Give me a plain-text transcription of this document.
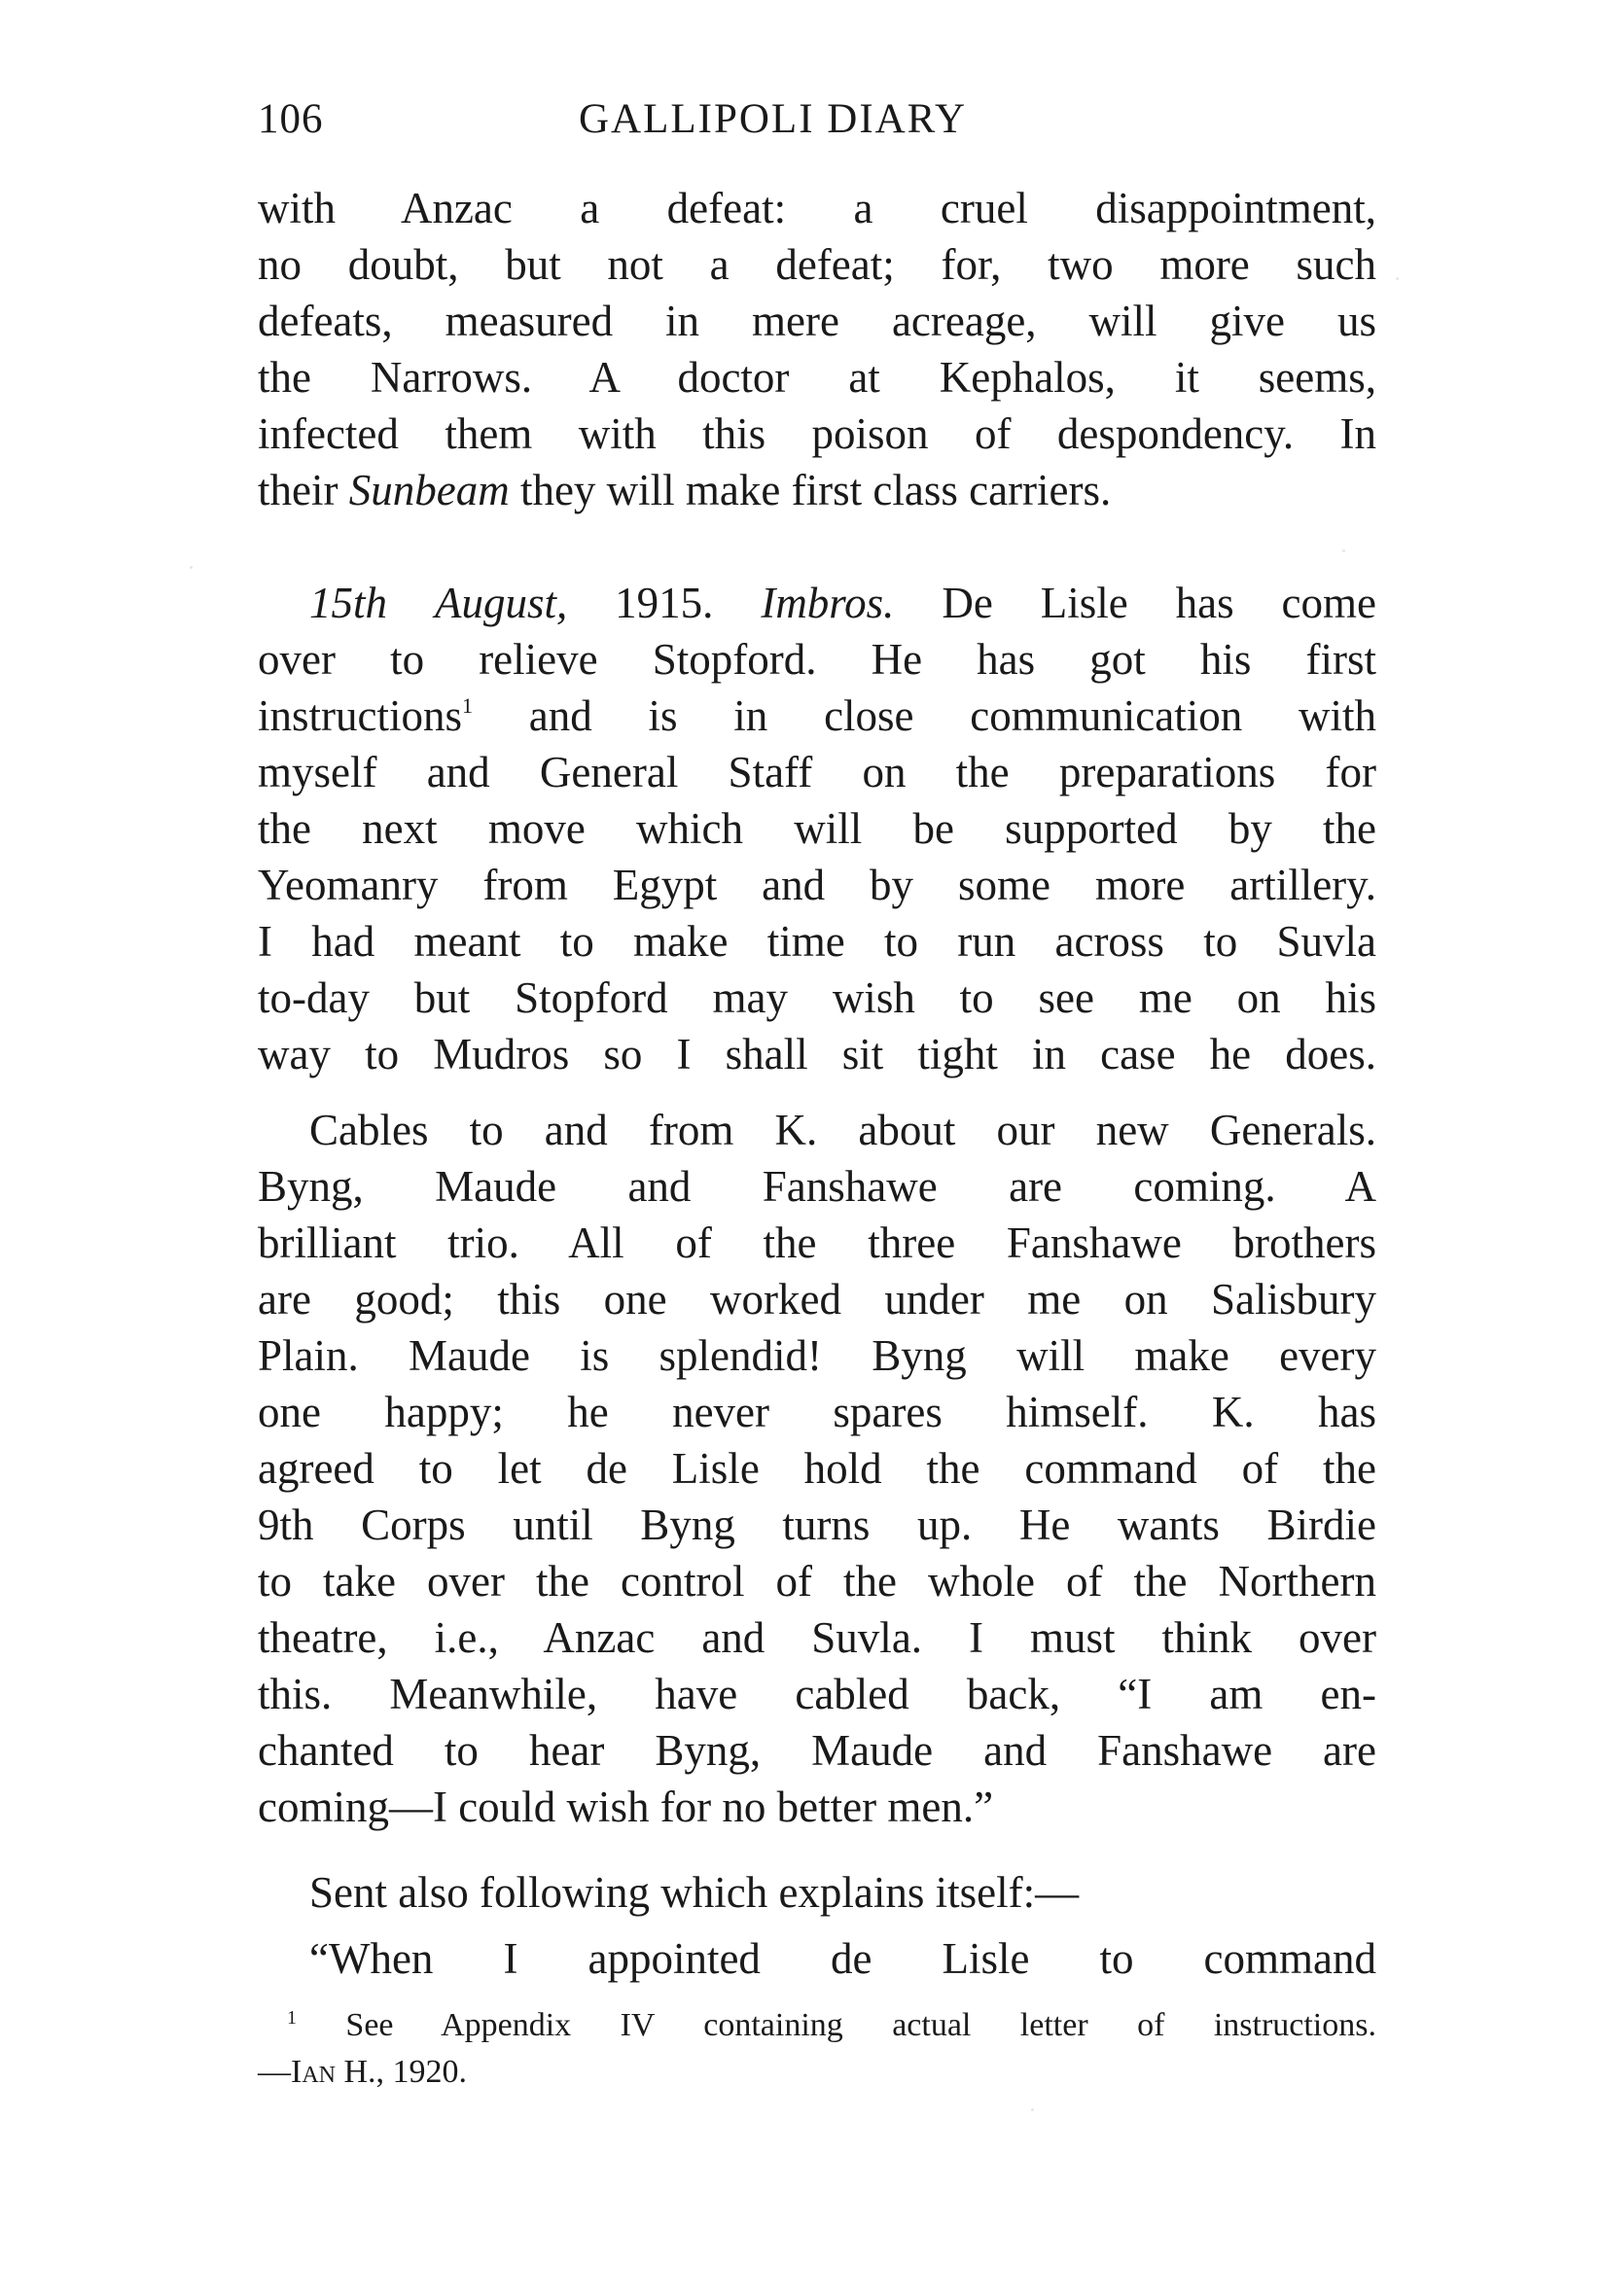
106	GALLIPOLI DIARY
with Anzac a defeat: a cruel disappointment,
no doubt, but not a defeat; for, two more such
defeats, measured in mere acreage, will give us
the Narrows. A doctor at Kephalos, it seems,
infected them with this poison of despondency. In
their Sunbeam they will make first class carriers.
15th August, 1915. Imbros. De Lisle has come
over to relieve Stopford. He has got his first
instructions$^1$ and is in close communication with
myself and General Staff on the preparations for
the next move which will be supported by the
Yeomanry from Egypt and by some more artillery.
I had meant to make time to run across to Suvla
to-day but Stopford may wish to see me on his
way to Mudros so I shall sit tight in case he does.
Cables to and from K. about our new Generals.
Byng, Maude and Fanshawe are coming. A
brilliant trio. All of the three Fanshawe brothers
are good; this one worked under me on Salisbury
Plain. Maude is splendid! Byng will make every
one happy; he never spares himself. K. has
agreed to let de Lisle hold the command of the
9th Corps until Byng turns up. He wants Birdie
to take over the control of the whole of the Northern
theatre, i.e., Anzac and Suvla. I must think over
this. Meanwhile, have cabled back, “I am en-
chanted to hear Byng, Maude and Fanshawe are
coming—I could wish for no better men.”
Sent also following which explains itself:—
“When I appointed de Lisle to command
$^1$ See Appendix IV containing actual letter of instructions.
—Ian H., 1920.
